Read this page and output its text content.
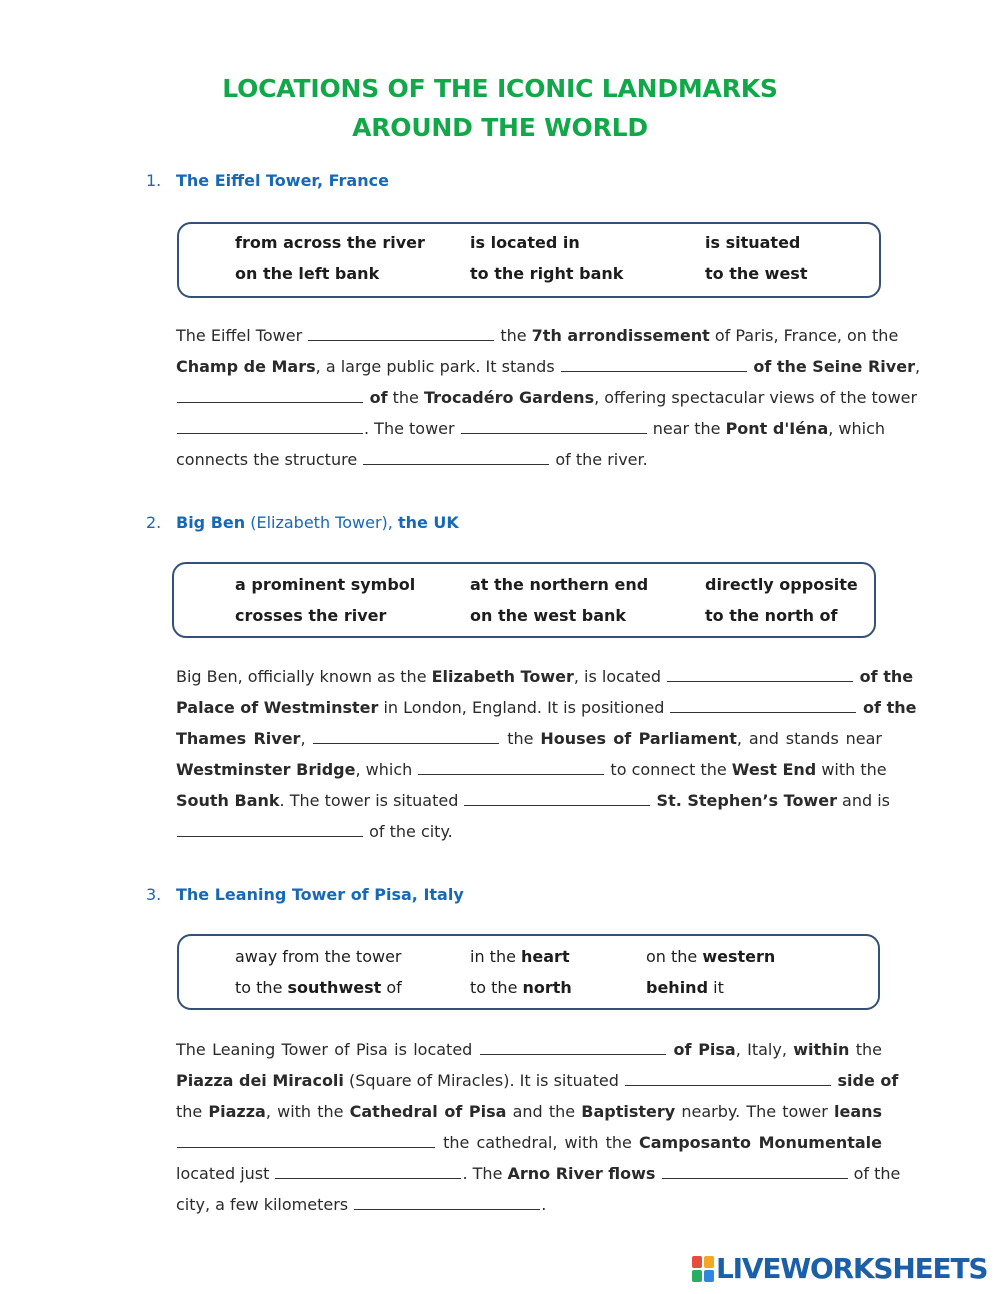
LOCATIONS OF THE ICONIC LANDMARKS
AROUND THE WORLD
1. The Eiffel Tower, France
from across the river	is located in	is situated
on the left bank	to the right bank	to the west
The Eiffel Tower	the 7th arrondissement of Paris, France, on the
Champ de Mars, a large public park. It stands	of the Seine River,
of the Trocadéro Gardens, offering spectacular views of the tower
. The tower	near the Pont d'Iéna, which
connects the structure	of the river.
2. Big Ben (Elizabeth Tower), the UK
a prominent symbol	at the northern end	directly opposite
crosses the river	on the west bank	to the north of
Big Ben, officially known as the Elizabeth Tower, is located	of the
Palace of Westminster in London, England. It is positioned	of the
Thames River,	the Houses of Parliament, and stands near
Westminster Bridge, which	to connect the West End with the
South Bank. The tower is situated	St. Stephen’s Tower and is
of the city.
3. The Leaning Tower of Pisa, Italy
away from the tower	in the heart	on the western
to the southwest of	to the north	behind it
The Leaning Tower of Pisa is located	of Pisa, Italy, within the
Piazza dei Miracoli (Square of Miracles). It is situated	side of
the Piazza, with the Cathedral of Pisa and the Baptistery nearby. The tower leans
the cathedral, with the Camposanto Monumentale
located just	. The Arno River flows	of the
city, a few kilometers	.
LIVEWORKSHEETS
